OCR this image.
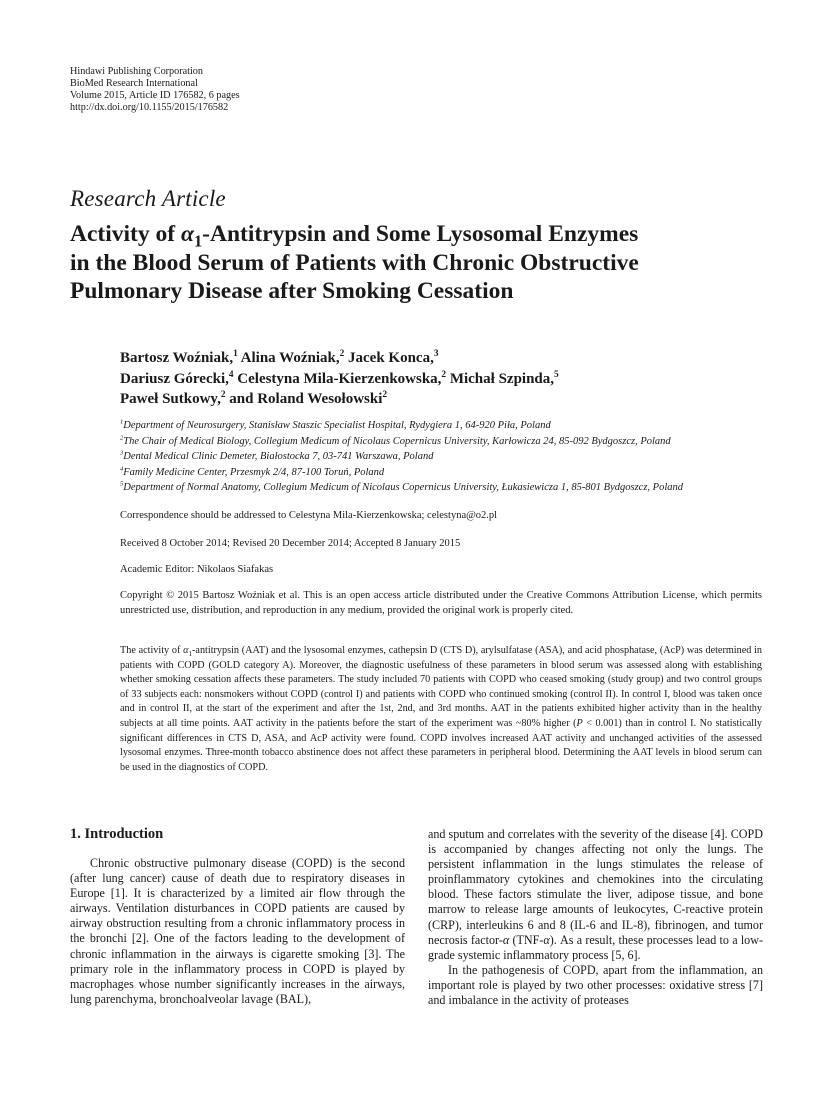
Hindawi Publishing Corporation
BioMed Research International
Volume 2015, Article ID 176582, 6 pages
http://dx.doi.org/10.1155/2015/176582
Research Article
Activity of $\alpha_1$-Antitrypsin and Some Lysosomal Enzymes
in the Blood Serum of Patients with Chronic Obstructive
Pulmonary Disease after Smoking Cessation
Bartosz Woźniak,$^1$ Alina Woźniak,$^2$ Jacek Konca,$^3$
Dariusz Górecki,$^4$ Celestyna Mila-Kierzenkowska,$^2$ Michał Szpinda,$^5$
Paweł Sutkowy,$^2$ and Roland Wesołowski$^2$
$^1$Department of Neurosurgery, Stanisław Staszic Specialist Hospital, Rydygiera 1, 64-920 Piła, Poland
$^2$The Chair of Medical Biology, Collegium Medicum of Nicolaus Copernicus University, Karłowicza 24, 85-092 Bydgoszcz, Poland
$^3$Dental Medical Clinic Demeter, Białostocka 7, 03-741 Warszawa, Poland
$^4$Family Medicine Center, Przesmyk 2/4, 87-100 Toruń, Poland
$^5$Department of Normal Anatomy, Collegium Medicum of Nicolaus Copernicus University, Łukasiewicza 1, 85-801 Bydgoszcz, Poland
Correspondence should be addressed to Celestyna Mila-Kierzenkowska; celestyna@o2.pl
Received 8 October 2014; Revised 20 December 2014; Accepted 8 January 2015
Academic Editor: Nikolaos Siafakas
Copyright © 2015 Bartosz Woźniak et al. This is an open access article distributed under the Creative Commons Attribution License, which permits unrestricted use, distribution, and reproduction in any medium, provided the original work is properly cited.
The activity of $\alpha_1$-antitrypsin (AAT) and the lysosomal enzymes, cathepsin D (CTS D), arylsulfatase (ASA), and acid phosphatase, (AcP) was determined in patients with COPD (GOLD category A). Moreover, the diagnostic usefulness of these parameters in blood serum was assessed along with establishing whether smoking cessation affects these parameters. The study included 70 patients with COPD who ceased smoking (study group) and two control groups of 33 subjects each: nonsmokers without COPD (control I) and patients with COPD who continued smoking (control II). In control I, blood was taken once and in control II, at the start of the experiment and after the 1st, 2nd, and 3rd months. AAT in the patients exhibited higher activity than in the healthy subjects at all time points. AAT activity in the patients before the start of the experiment was ~80% higher (P < 0.001) than in control I. No statistically significant differences in CTS D, ASA, and AcP activity were found. COPD involves increased AAT activity and unchanged activities of the assessed lysosomal enzymes. Three-month tobacco abstinence does not affect these parameters in peripheral blood. Determining the AAT levels in blood serum can be used in the diagnostics of COPD.
1. Introduction

Chronic obstructive pulmonary disease (COPD) is the second (after lung cancer) cause of death due to respiratory diseases in Europe [1]. It is characterized by a limited air flow through the airways. Ventilation disturbances in COPD patients are caused by airway obstruction resulting from a chronic inflammatory process in the bronchi [2]. One of the factors leading to the development of chronic inflammation in the airways is cigarette smoking [3]. The primary role in the inflammatory process in COPD is played by macrophages whose number significantly increases in the airways, lung parenchyma, bronchoalveolar lavage (BAL),

and sputum and correlates with the severity of the disease [4]. COPD is accompanied by changes affecting not only the lungs. The persistent inflammation in the lungs stimulates the release of proinflammatory cytokines and chemokines into the circulating blood. These factors stimulate the liver, adipose tissue, and bone marrow to release large amounts of leukocytes, C-reactive protein (CRP), interleukins 6 and 8 (IL-6 and IL-8), fibrinogen, and tumor necrosis factor-α (TNF-α). As a result, these processes lead to a low-grade systemic inflammatory process [5, 6].

In the pathogenesis of COPD, apart from the inflammation, an important role is played by two other processes: oxidative stress [7] and imbalance in the activity of proteases
